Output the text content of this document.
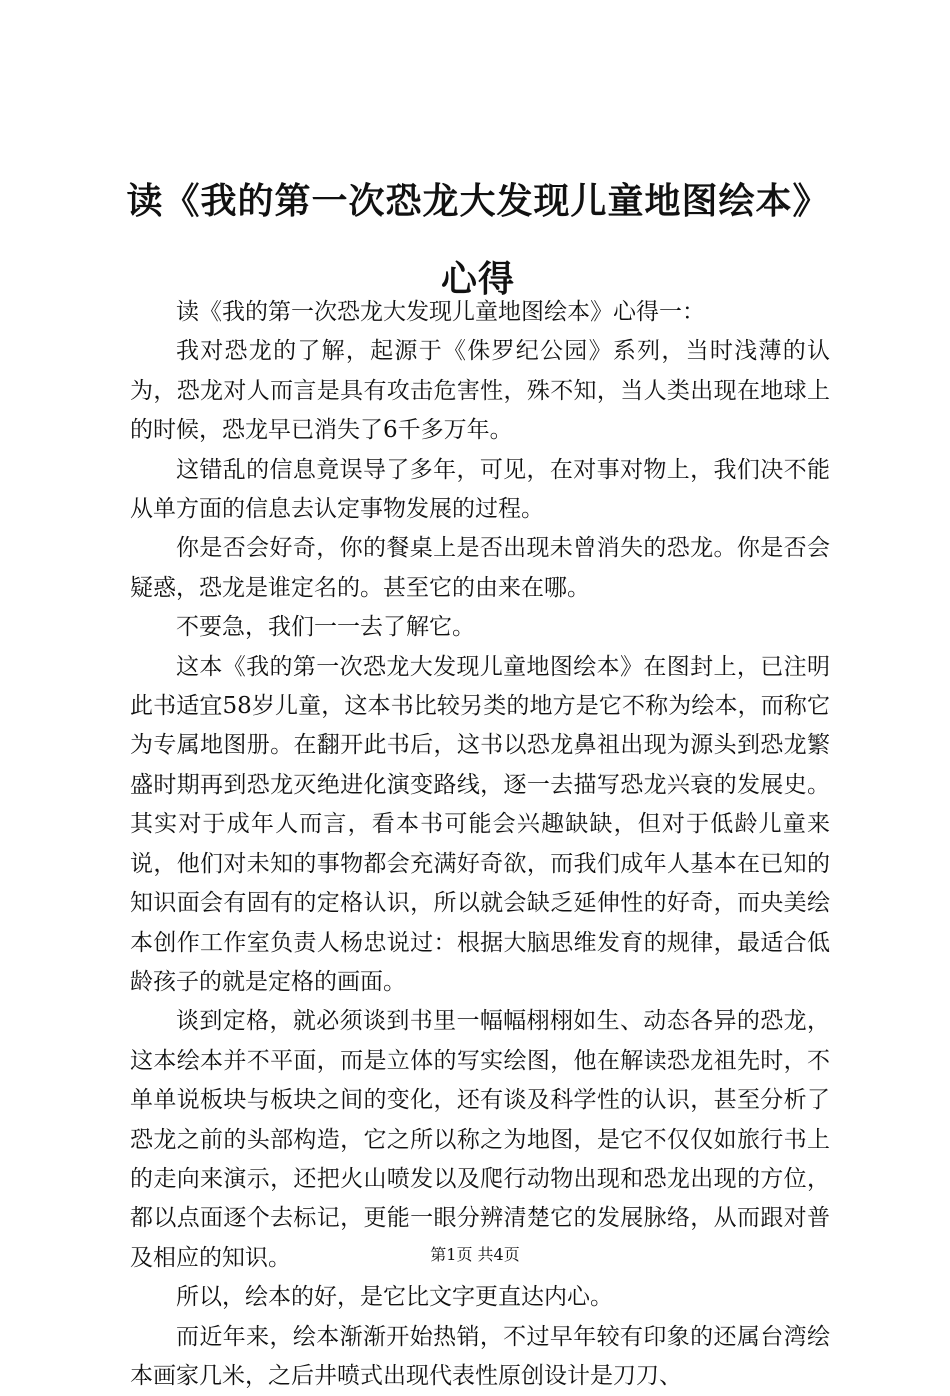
读《我的第一次恐龙大发现儿童地图绘本》心得

读《我的第一次恐龙大发现儿童地图绘本》心得一：

我对恐龙的了解，起源于《侏罗纪公园》系列，当时浅薄的认为，恐龙对人而言是具有攻击危害性，殊不知，当人类出现在地球上的时候，恐龙早已消失了6千多万年。

这错乱的信息竟误导了多年，可见，在对事对物上，我们决不能从单方面的信息去认定事物发展的过程。

你是否会好奇，你的餐桌上是否出现未曾消失的恐龙。你是否会疑惑，恐龙是谁定名的。甚至它的由来在哪。

不要急，我们一一去了解它。

这本《我的第一次恐龙大发现儿童地图绘本》在图封上，已注明此书适宜58岁儿童，这本书比较另类的地方是它不称为绘本，而称它为专属地图册。在翻开此书后，这书以恐龙鼻祖出现为源头到恐龙繁盛时期再到恐龙灭绝进化演变路线，逐一去描写恐龙兴衰的发展史。其实对于成年人而言，看本书可能会兴趣缺缺，但对于低龄儿童来说，他们对未知的事物都会充满好奇欲，而我们成年人基本在已知的知识面会有固有的定格认识，所以就会缺乏延伸性的好奇，而央美绘本创作工作室负责人杨忠说过：根据大脑思维发育的规律，最适合低龄孩子的就是定格的画面。

谈到定格，就必须谈到书里一幅幅栩栩如生、动态各异的恐龙，这本绘本并不平面，而是立体的写实绘图，他在解读恐龙祖先时，不单单说板块与板块之间的变化，还有谈及科学性的认识，甚至分析了恐龙之前的头部构造，它之所以称之为地图，是它不仅仅如旅行书上的走向来演示，还把火山喷发以及爬行动物出现和恐龙出现的方位，都以点面逐个去标记，更能一眼分辨清楚它的发展脉络，从而跟对普及相应的知识。

所以，绘本的好，是它比文字更直达内心。

而近年来，绘本渐渐开始热销，不过早年较有印象的还属台湾绘本画家几米，之后井喷式出现代表性原创设计是刀刀、

第1页 共4页
